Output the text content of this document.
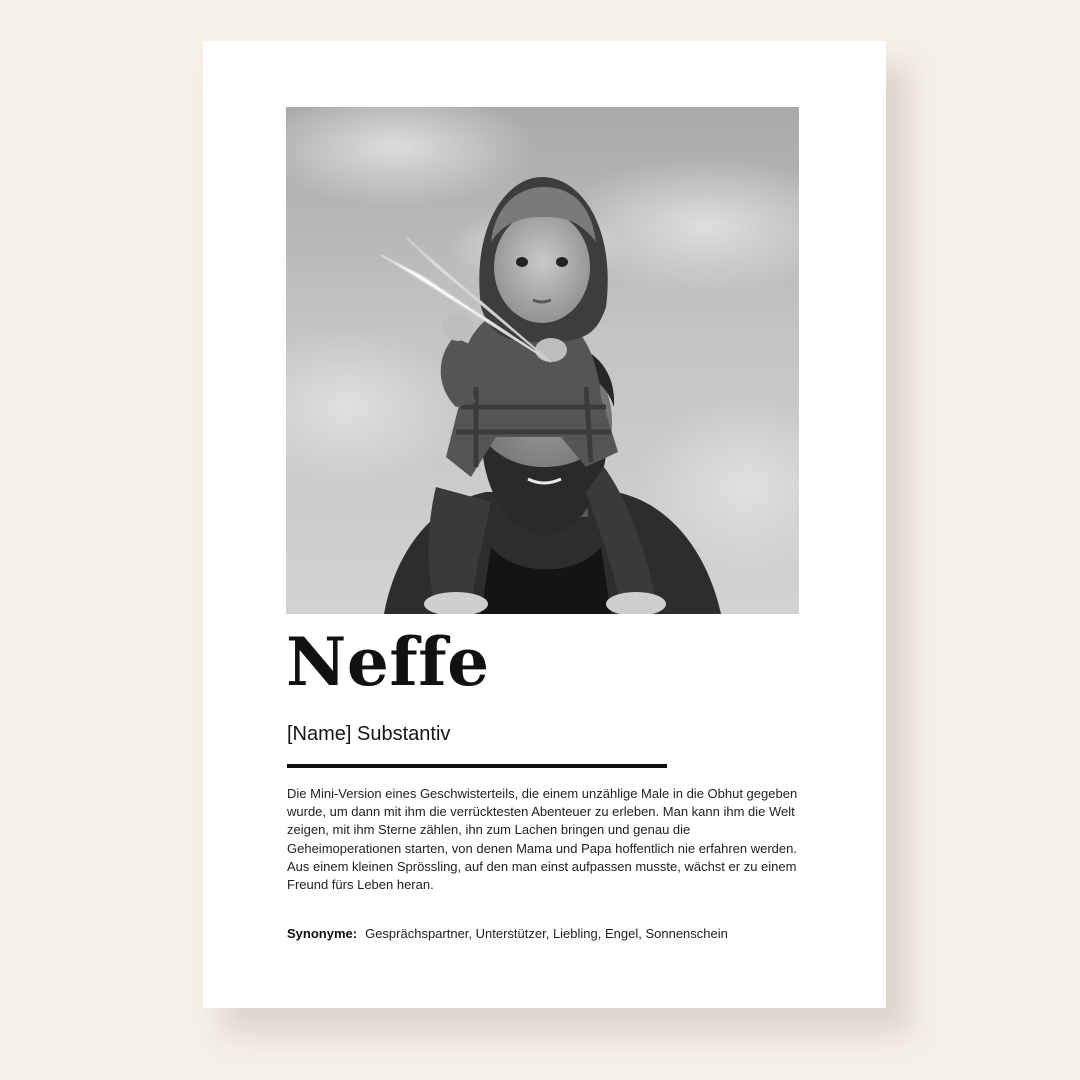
Neffe
[Name] Substantiv

Die Mini-Version eines Geschwisterteils, die einem unzählige Male in die Obhut gegeben wurde, um dann mit ihm die verrücktesten Abenteuer zu erleben. Man kann ihm die Welt zeigen, mit ihm Sterne zählen, ihn zum Lachen bringen und genau die Geheimoperationen starten, von denen Mama und Papa hoffentlich nie erfahren werden. Aus einem kleinen Sprössling, auf den man einst aufpassen musste, wächst er zu einem Freund fürs Leben heran.

Synonyme: Gesprächspartner, Unterstützer, Liebling, Engel, Sonnenschein
